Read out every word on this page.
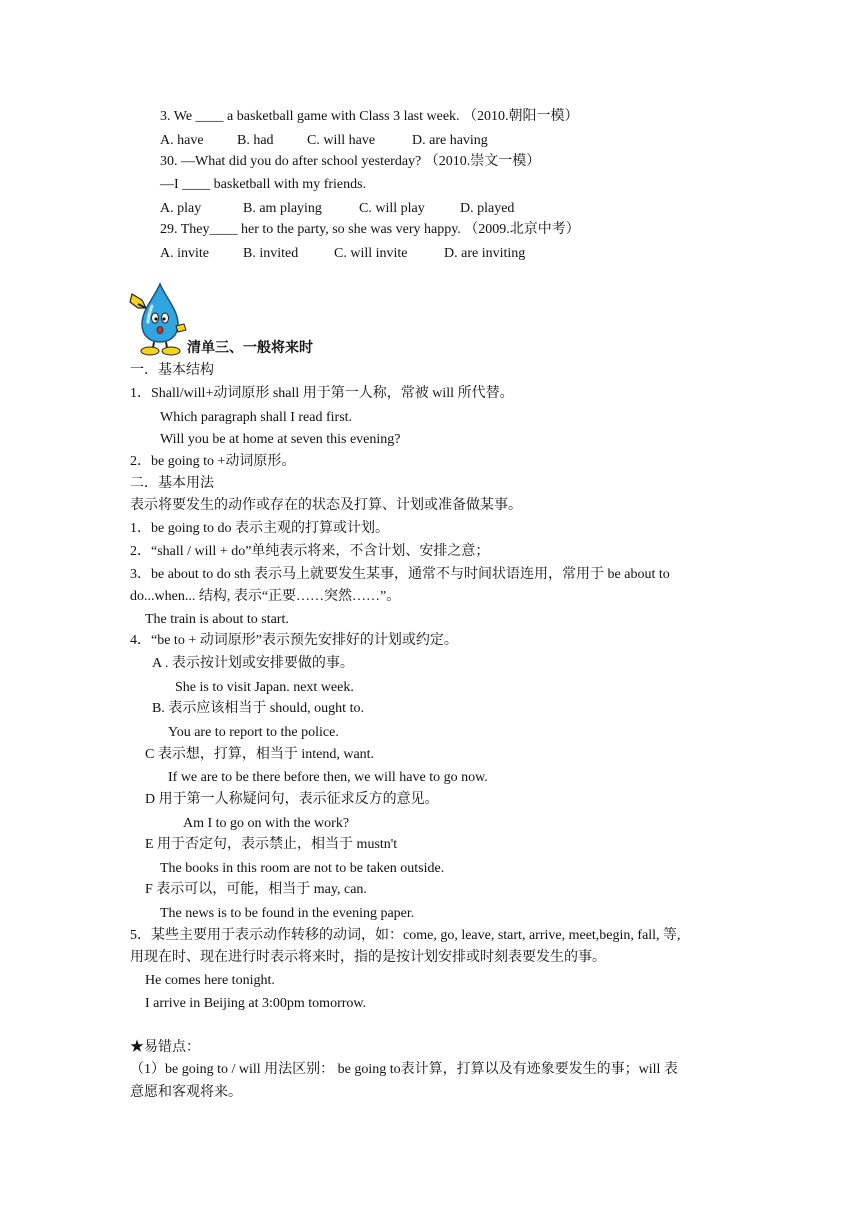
3. We ____ a basketball game with Class 3 last week. （2010.朝阳一模）
A. have B. had C. will have	D. are having
30. —What did you do after school yesterday? （2010.崇文一模）
—I ____ basketball with my friends.
A. play	B. am playing	C. will play	D. played
29. They____ her to the party, so she was very happy. （2009.北京中考）
A. invite B. invited	C. will invite	D. are inviting
清单三、一般将来时
一．基本结构
1．Shall/will+动词原形 shall 用于第一人称，常被 will 所代替。
Which paragraph shall I read first.
Will you be at home at seven this evening?
2．be going to +动词原形。
二．基本用法
表示将要发生的动作或存在的状态及打算、计划或准备做某事。
1．be going to do 表示主观的打算或计划。
2．“shall / will + do”单纯表示将来，不含计划、安排之意；
3．be about to do sth 表示马上就要发生某事，通常不与时间状语连用，常用于 be about to
do...when... 结构, 表示“正要……突然……”。
The train is about to start.
4．“be to + 动词原形”表示预先安排好的计划或约定。
A . 表示按计划或安排要做的事。
She is to visit Japan. next week.
B. 表示应该相当于 should, ought to.
You are to report to the police.
C 表示想，打算，相当于 intend, want.
If we are to be there before then, we will have to go now.
D 用于第一人称疑问句，表示征求反方的意见。
Am I to go on with the work?
E 用于否定句，表示禁止，相当于 mustn't
The books in this room are not to be taken outside.
F 表示可以，可能，相当于 may, can.
The news is to be found in the evening paper.
5．某些主要用于表示动作转移的动词，如：come, go, leave, start, arrive, meet,begin, fall, 等,
用现在时、现在进行时表示将来时，指的是按计划安排或时刻表要发生的事。
He comes here tonight.
I arrive in Beijing at 3:00pm tomorrow.
★易错点：
（1）be going to / will 用法区别： be going to表计算，打算以及有迹象要发生的事；will 表
意愿和客观将来。
